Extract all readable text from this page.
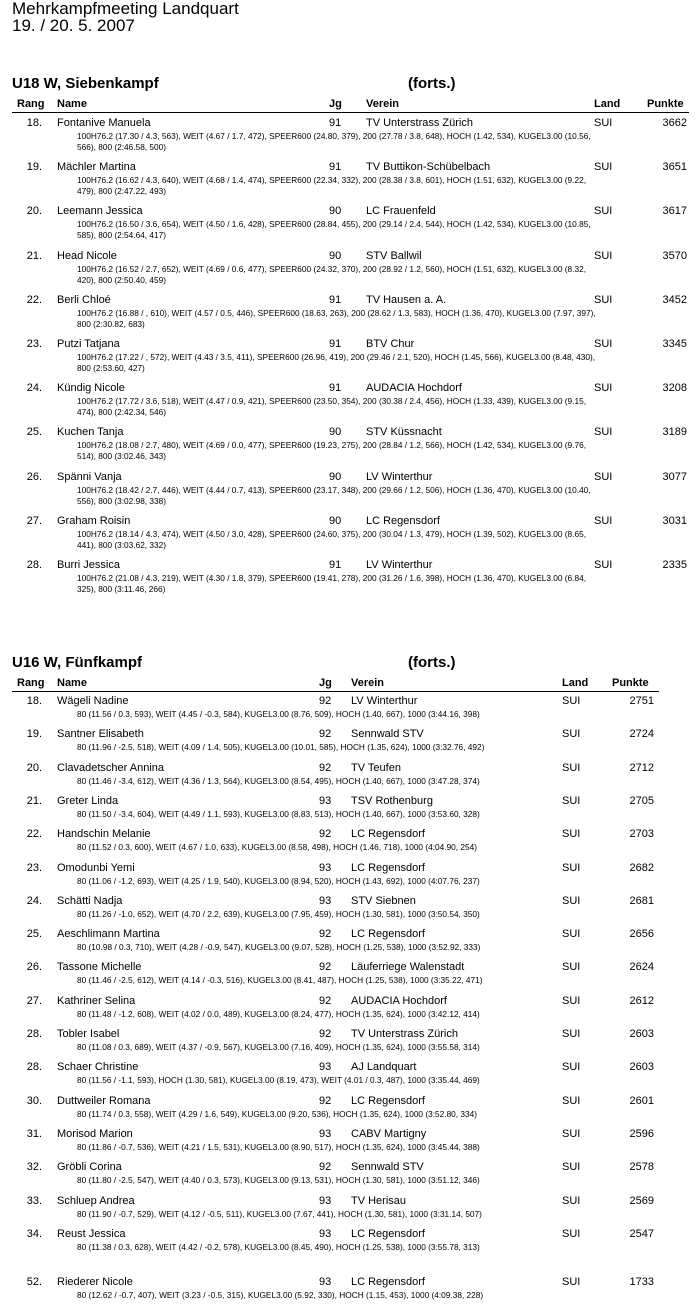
Mehrkampfmeeting Landquart
19. / 20. 5. 2007
U18 W, Siebenkampf	(forts.)
Rang Name	Jg Verein	Land Punkte
18. Fontanive Manuela	91 TV Unterstrass Zürich	SUI	3662
100H76.2 (17.30 / 4.3, 563), WEIT (4.67 / 1.7, 472), SPEER600 (24.80, 379), 200 (27.78 / 3.8, 648), HOCH (1.42, 534), KUGEL3.00 (10.56, 566), 800 (2:46.58, 500)
19. Mächler Martina	91 TV Buttikon-Schübelbach	SUI	3651
100H76.2 (16.62 / 4.3, 640), WEIT (4.68 / 1.4, 474), SPEER600 (22.34, 332), 200 (28.38 / 3.8, 601), HOCH (1.51, 632), KUGEL3.00 (9.22, 479), 800 (2:47.22, 493)
20. Leemann Jessica	90 LC Frauenfeld	SUI	3617
100H76.2 (16.50 / 3.6, 654), WEIT (4.50 / 1.6, 428), SPEER600 (28.84, 455), 200 (29.14 / 2.4, 544), HOCH (1.42, 534), KUGEL3.00 (10.85, 585), 800 (2:54.64, 417)
21. Head Nicole	90 STV Ballwil	SUI	3570
100H76.2 (16.52 / 2.7, 652), WEIT (4.69 / 0.6, 477), SPEER600 (24.32, 370), 200 (28.92 / 1.2, 560), HOCH (1.51, 632), KUGEL3.00 (8.32, 420), 800 (2:50.40, 459)
22. Berli Chloé	91 TV Hausen a. A.	SUI	3452
100H76.2 (16.88 / , 610), WEIT (4.57 / 0.5, 446), SPEER600 (18.63, 263), 200 (28.62 / 1.3, 583), HOCH (1.36, 470), KUGEL3.00 (7.97, 397), 800 (2:30.82, 683)
23. Putzi Tatjana	91 BTV Chur	SUI	3345
100H76.2 (17.22 / , 572), WEIT (4.43 / 3.5, 411), SPEER600 (26.96, 419), 200 (29.46 / 2.1, 520), HOCH (1.45, 566), KUGEL3.00 (8.48, 430), 800 (2:53.60, 427)
24. Kündig Nicole	91 AUDACIA Hochdorf	SUI	3208
100H76.2 (17.72 / 3.6, 518), WEIT (4.47 / 0.9, 421), SPEER600 (23.50, 354), 200 (30.38 / 2.4, 456), HOCH (1.33, 439), KUGEL3.00 (9.15, 474), 800 (2:42.34, 546)
25. Kuchen Tanja	90 STV Küssnacht	SUI	3189
100H76.2 (18.08 / 2.7, 480), WEIT (4.69 / 0.0, 477), SPEER600 (19.23, 275), 200 (28.84 / 1.2, 566), HOCH (1.42, 534), KUGEL3.00 (9.76, 514), 800 (3:02.46, 343)
26. Spänni Vanja	90 LV Winterthur	SUI	3077
100H76.2 (18.42 / 2.7, 446), WEIT (4.44 / 0.7, 413), SPEER600 (23.17, 348), 200 (29.66 / 1.2, 506), HOCH (1.36, 470), KUGEL3.00 (10.40, 556), 800 (3:02.98, 338)
27. Graham Roisin	90 LC Regensdorf	SUI	3031
100H76.2 (18.14 / 4.3, 474), WEIT (4.50 / 3.0, 428), SPEER600 (24.60, 375), 200 (30.04 / 1.3, 479), HOCH (1.39, 502), KUGEL3.00 (8.65, 441), 800 (3:03.62, 332)
28. Burri Jessica	91 LV Winterthur	SUI	2335
100H76.2 (21.08 / 4.3, 219), WEIT (4.30 / 1.8, 379), SPEER600 (19.41, 278), 200 (31.26 / 1.6, 398), HOCH (1.36, 470), KUGEL3.00 (6.84, 325), 800 (3:11.46, 266)
U16 W, Fünfkampf	(forts.)
Rang Name	Jg Verein	Land Punkte
18. Wägeli Nadine	92 LV Winterthur	SUI	2751
80 (11.56 / 0.3, 593), WEIT (4.45 / -0.3, 584), KUGEL3.00 (8.76, 509), HOCH (1.40, 667), 1000 (3:44.16, 398)
19. Santner Elisabeth	92 Sennwald STV	SUI	2724
80 (11.96 / -2.5, 518), WEIT (4.09 / 1.4, 505), KUGEL3.00 (10.01, 585), HOCH (1.35, 624), 1000 (3:32.76, 492)
20. Clavadetscher Annina	92 TV Teufen	SUI	2712
80 (11.46 / -3.4, 612), WEIT (4.36 / 1.3, 564), KUGEL3.00 (8.54, 495), HOCH (1.40, 667), 1000 (3:47.28, 374)
21. Greter Linda	93 TSV Rothenburg	SUI	2705
80 (11.50 / -3.4, 604), WEIT (4.49 / 1.1, 593), KUGEL3.00 (8.83, 513), HOCH (1.40, 667), 1000 (3:53.60, 328)
22. Handschin Melanie	92 LC Regensdorf	SUI	2703
80 (11.52 / 0.3, 600), WEIT (4.67 / 1.0, 633), KUGEL3.00 (8.58, 498), HOCH (1.46, 718), 1000 (4:04.90, 254)
23. Omodunbi Yemi	93 LC Regensdorf	SUI	2682
80 (11.06 / -1.2, 693), WEIT (4.25 / 1.9, 540), KUGEL3.00 (8.94, 520), HOCH (1.43, 692), 1000 (4:07.76, 237)
24. Schätti Nadja	93 STV Siebnen	SUI	2681
80 (11.26 / -1.0, 652), WEIT (4.70 / 2.2, 639), KUGEL3.00 (7.95, 459), HOCH (1.30, 581), 1000 (3:50.54, 350)
25. Aeschlimann Martina	92 LC Regensdorf	SUI	2656
80 (10.98 / 0.3, 710), WEIT (4.28 / -0.9, 547), KUGEL3.00 (9.07, 528), HOCH (1.25, 538), 1000 (3:52.92, 333)
26. Tassone Michelle	92 Läuferriege Walenstadt	SUI	2624
80 (11.46 / -2.5, 612), WEIT (4.14 / -0.3, 516), KUGEL3.00 (8.41, 487), HOCH (1.25, 538), 1000 (3:35.22, 471)
27. Kathriner Selina	92 AUDACIA Hochdorf	SUI	2612
80 (11.48 / -1.2, 608), WEIT (4.02 / 0.0, 489), KUGEL3.00 (8.24, 477), HOCH (1.35, 624), 1000 (3:42.12, 414)
28. Tobler Isabel	92 TV Unterstrass Zürich	SUI	2603
80 (11.08 / 0.3, 689), WEIT (4.37 / -0.9, 567), KUGEL3.00 (7.16, 409), HOCH (1.35, 624), 1000 (3:55.58, 314)
28. Schaer Christine	93 AJ Landquart	SUI	2603
80 (11.56 / -1.1, 593), HOCH (1.30, 581), KUGEL3.00 (8.19, 473), WEIT (4.01 / 0.3, 487), 1000 (3:35.44, 469)
30. Duttweiler Romana	92 LC Regensdorf	SUI	2601
80 (11.74 / 0.3, 558), WEIT (4.29 / 1.6, 549), KUGEL3.00 (9.20, 536), HOCH (1.35, 624), 1000 (3:52.80, 334)
31. Morisod Marion	93 CABV Martigny	SUI	2596
80 (11.86 / -0.7, 536), WEIT (4.21 / 1.5, 531), KUGEL3.00 (8.90, 517), HOCH (1.35, 624), 1000 (3:45.44, 388)
32. Gröbli Corina	92 Sennwald STV	SUI	2578
80 (11.80 / -2.5, 547), WEIT (4.40 / 0.3, 573), KUGEL3.00 (9.13, 531), HOCH (1.30, 581), 1000 (3:51.12, 346)
33. Schluep Andrea	93 TV Herisau	SUI	2569
80 (11.90 / -0.7, 529), WEIT (4.12 / -0.5, 511), KUGEL3.00 (7.67, 441), HOCH (1.30, 581), 1000 (3:31.14, 507)
34. Reust Jessica	93 LC Regensdorf	SUI	2547
80 (11.38 / 0.3, 628), WEIT (4.42 / -0.2, 578), KUGEL3.00 (8.45, 490), HOCH (1.25, 538), 1000 (3:55.78, 313)
52. Riederer Nicole	93 LC Regensdorf	SUI	1733
80 (12.62 / -0.7, 407), WEIT (3.23 / -0.5, 315), KUGEL3.00 (5.92, 330), HOCH (1.15, 453), 1000 (4:09.38, 228)
